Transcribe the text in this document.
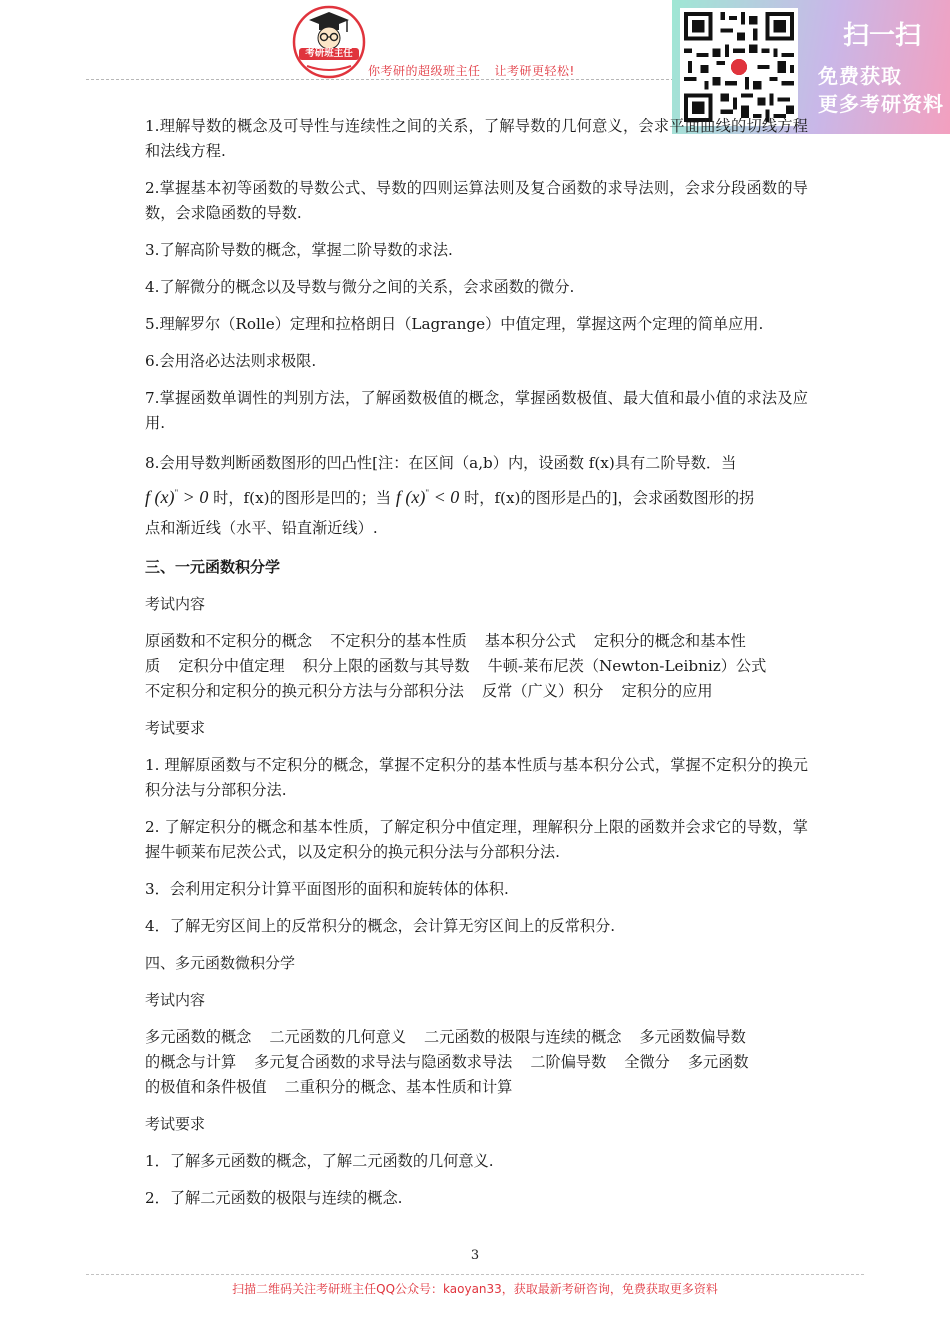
考研班主任
你考研的超级班主任 让考研更轻松!
扫一扫
免费获取
更多考研资料

1.理解导数的概念及可导性与连续性之间的关系，了解导数的几何意义，会求平面曲线的切线方程和法线方程.

2.掌握基本初等函数的导数公式、导数的四则运算法则及复合函数的求导法则，会求分段函数的导数，会求隐函数的导数.

3.了解高阶导数的概念，掌握二阶导数的求法.

4.了解微分的概念以及导数与微分之间的关系，会求函数的微分.

5.理解罗尔（Rolle）定理和拉格朗日（Lagrange）中值定理，掌握这两个定理的简单应用.

6.会用洛必达法则求极限.

7.掌握函数单调性的判别方法，了解函数极值的概念，掌握函数极值、最大值和最小值的求法及应用.

8.会用导数判断函数图形的凹凸性[注：在区间（a,b）内，设函数 f(x)具有二阶导数．当
f (x)" > 0 时，f(x)的图形是凹的；当 f (x)" < 0 时，f(x)的图形是凸的]，会求函数图形的拐
点和渐近线（水平、铅直渐近线）.

三、一元函数积分学

考试内容

原函数和不定积分的概念 不定积分的基本性质 基本积分公式 定积分的概念和基本性
质 定积分中值定理 积分上限的函数与其导数 牛顿-莱布尼茨（Newton-Leibniz）公式
不定积分和定积分的换元积分方法与分部积分法 反常（广义）积分 定积分的应用

考试要求

1. 理解原函数与不定积分的概念，掌握不定积分的基本性质与基本积分公式，掌握不定积分的换元积分法与分部积分法.

2. 了解定积分的概念和基本性质，了解定积分中值定理，理解积分上限的函数并会求它的导数，掌握牛顿莱布尼茨公式，以及定积分的换元积分法与分部积分法.

3．会利用定积分计算平面图形的面积和旋转体的体积.

4．了解无穷区间上的反常积分的概念，会计算无穷区间上的反常积分.

四、多元函数微积分学

考试内容

多元函数的概念 二元函数的几何意义 二元函数的极限与连续的概念 多元函数偏导数
的概念与计算 多元复合函数的求导法与隐函数求导法 二阶偏导数 全微分 多元函数
的极值和条件极值 二重积分的概念、基本性质和计算

考试要求

1．了解多元函数的概念，了解二元函数的几何意义.

2．了解二元函数的极限与连续的概念.

3
扫描二维码关注考研班主任QQ公众号：kaoyan33，获取最新考研咨询，免费获取更多资料
